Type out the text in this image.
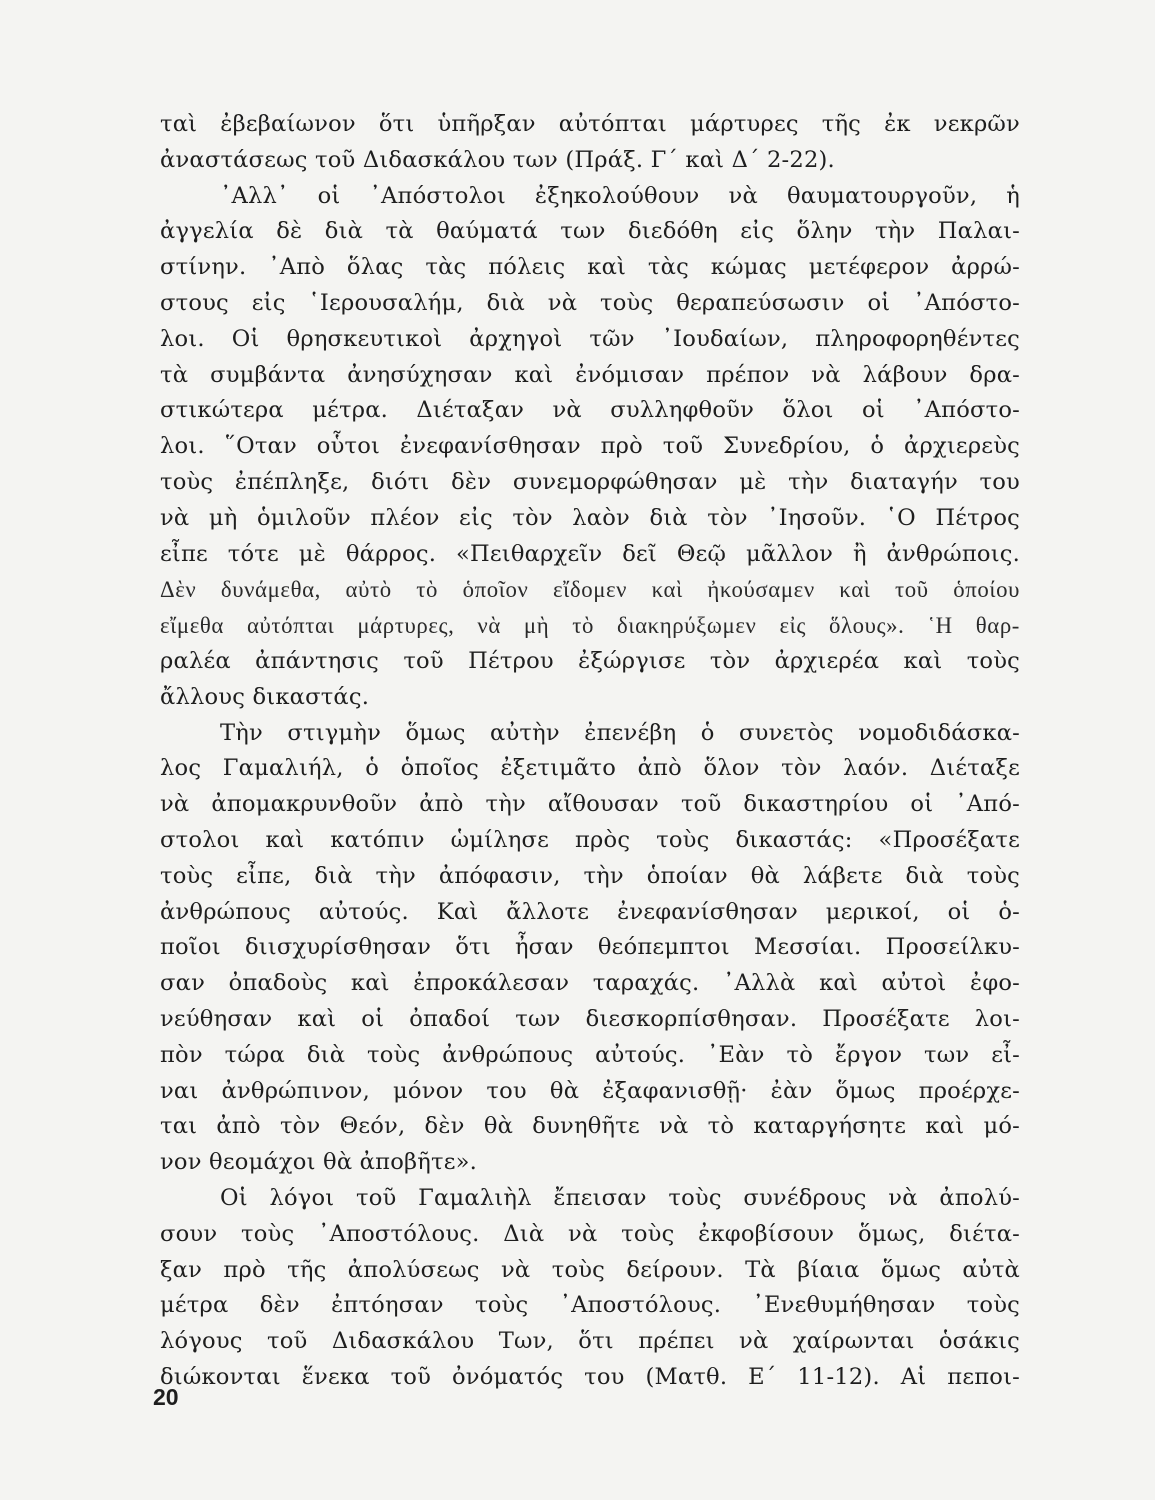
ταὶ ἐβεβαίωνον ὅτι ὑπῆρξαν αὐτόπται μάρτυρες τῆς ἐκ νεκρῶν
ἀναστάσεως τοῦ Διδασκάλου των (Πράξ. Γ΄ καὶ Δ΄ 2-22).
᾿Αλλ᾿ οἱ ᾿Απόστολοι ἐξηκολούθουν νὰ θαυματουργοῦν, ἡ
ἀγγελία δὲ διὰ τὰ θαύματά των διεδόθη εἰς ὅλην τὴν Παλαι-
στίνην. ᾿Απὸ ὅλας τὰς πόλεις καὶ τὰς κώμας μετέφερον ἀρρώ-
στους εἰς ῾Ιερουσαλήμ, διὰ νὰ τοὺς θεραπεύσωσιν οἱ ᾿Απόστο-
λοι. Οἱ θρησκευτικοὶ ἀρχηγοὶ τῶν ᾿Ιουδαίων, πληροφορηθέντες
τὰ συμβάντα ἀνησύχησαν καὶ ἐνόμισαν πρέπον νὰ λάβουν δρα-
στικώτερα μέτρα. Διέταξαν νὰ συλληφθοῦν ὅλοι οἱ ᾿Απόστο-
λοι. ῞Οταν οὗτοι ἐνεφανίσθησαν πρὸ τοῦ Συνεδρίου, ὁ ἀρχιερεὺς
τοὺς ἐπέπληξε, διότι δὲν συνεμορφώθησαν μὲ τὴν διαταγήν του
νὰ μὴ ὁμιλοῦν πλέον εἰς τὸν λαὸν διὰ τὸν ᾿Ιησοῦν. ῾Ο Πέτρος
εἶπε τότε μὲ θάρρος. «Πειθαρχεῖν δεῖ Θεῷ μᾶλλον ἢ ἀνθρώποις.
Δὲν δυνάμεθα, αὐτὸ τὸ ὁποῖον εἴδομεν καὶ ἠκούσαμεν καὶ τοῦ ὁποίου
εἴμεθα αὐτόπται μάρτυρες, νὰ μὴ τὸ διακηρύξωμεν εἰς ὅλους». ῾Η θαρ-
ραλέα ἀπάντησις τοῦ Πέτρου ἐξώργισε τὸν ἀρχιερέα καὶ τοὺς
ἄλλους δικαστάς.
Τὴν στιγμὴν ὅμως αὐτὴν ἐπενέβη ὁ συνετὸς νομοδιδάσκα-
λος Γαμαλιήλ, ὁ ὁποῖος ἐξετιμᾶτο ἀπὸ ὅλον τὸν λαόν. Διέταξε
νὰ ἀπομακρυνθοῦν ἀπὸ τὴν αἴθουσαν τοῦ δικαστηρίου οἱ ᾿Από-
στολοι καὶ κατόπιν ὡμίλησε πρὸς τοὺς δικαστάς: «Προσέξατε
τοὺς εἶπε, διὰ τὴν ἀπόφασιν, τὴν ὁποίαν θὰ λάβετε διὰ τοὺς
ἀνθρώπους αὐτούς. Καὶ ἄλλοτε ἐνεφανίσθησαν μερικοί, οἱ ὁ-
ποῖοι διισχυρίσθησαν ὅτι ἦσαν θεόπεμπτοι Μεσσίαι. Προσείλκυ-
σαν ὀπαδοὺς καὶ ἐπροκάλεσαν ταραχάς. ᾿Αλλὰ καὶ αὐτοὶ ἐφο-
νεύθησαν καὶ οἱ ὀπαδοί των διεσκορπίσθησαν. Προσέξατε λοι-
πὸν τώρα διὰ τοὺς ἀνθρώπους αὐτούς. ᾿Εὰν τὸ ἔργον των εἶ-
ναι ἀνθρώπινον, μόνον του θὰ ἐξαφανισθῇ· ἐὰν ὅμως προέρχε-
ται ἀπὸ τὸν Θεόν, δὲν θὰ δυνηθῆτε νὰ τὸ καταργήσητε καὶ μό-
νον θεομάχοι θὰ ἀποβῆτε».
Οἱ λόγοι τοῦ Γαμαλιὴλ ἔπεισαν τοὺς συνέδρους νὰ ἀπολύ-
σουν τοὺς ᾿Αποστόλους. Διὰ νὰ τοὺς ἐκφοβίσουν ὅμως, διέτα-
ξαν πρὸ τῆς ἀπολύσεως νὰ τοὺς δείρουν. Τὰ βίαια ὅμως αὐτὰ
μέτρα δὲν ἐπτόησαν τοὺς ᾿Αποστόλους. ᾿Ενεθυμήθησαν τοὺς
λόγους τοῦ Διδασκάλου Των, ὅτι πρέπει νὰ χαίρωνται ὁσάκις
διώκονται ἕνεκα τοῦ ὀνόματός του (Ματθ. Ε΄ 11-12). Αἱ πεποι-
20
